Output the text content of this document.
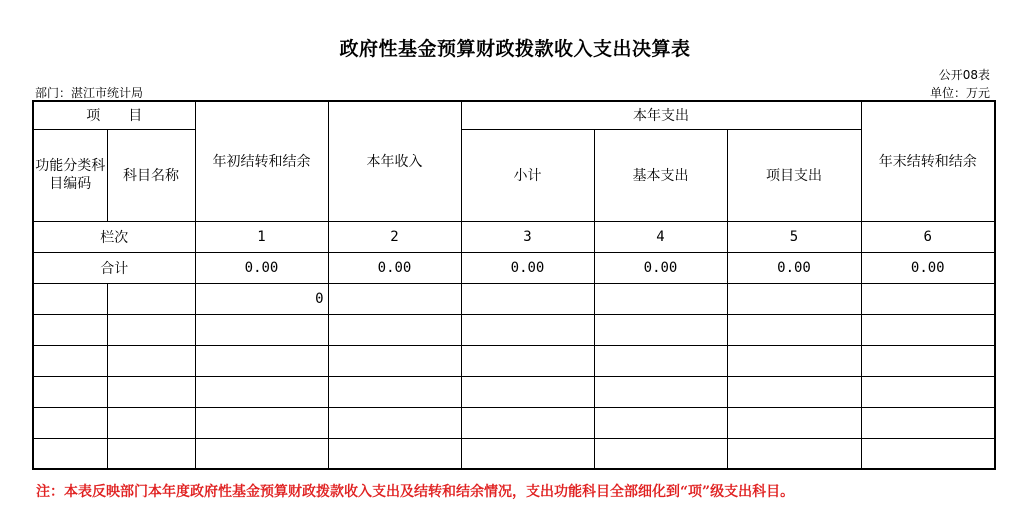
政府性基金预算财政拨款收入支出决算表
公开08表
部门：湛江市统计局	单位：万元
项　　目		年初结转和结余	本年收入	本年支出			年末结转和结余
功能分类科目编码	科目名称			小计	基本支出	项目支出	
栏次		1	2	3	4	5	6
合计		0.00	0.00	0.00	0.00	0.00	0.00
		0					

注：本表反映部门本年度政府性基金预算财政拨款收入支出及结转和结余情况，支出功能科目全部细化到“项”级支出科目。
